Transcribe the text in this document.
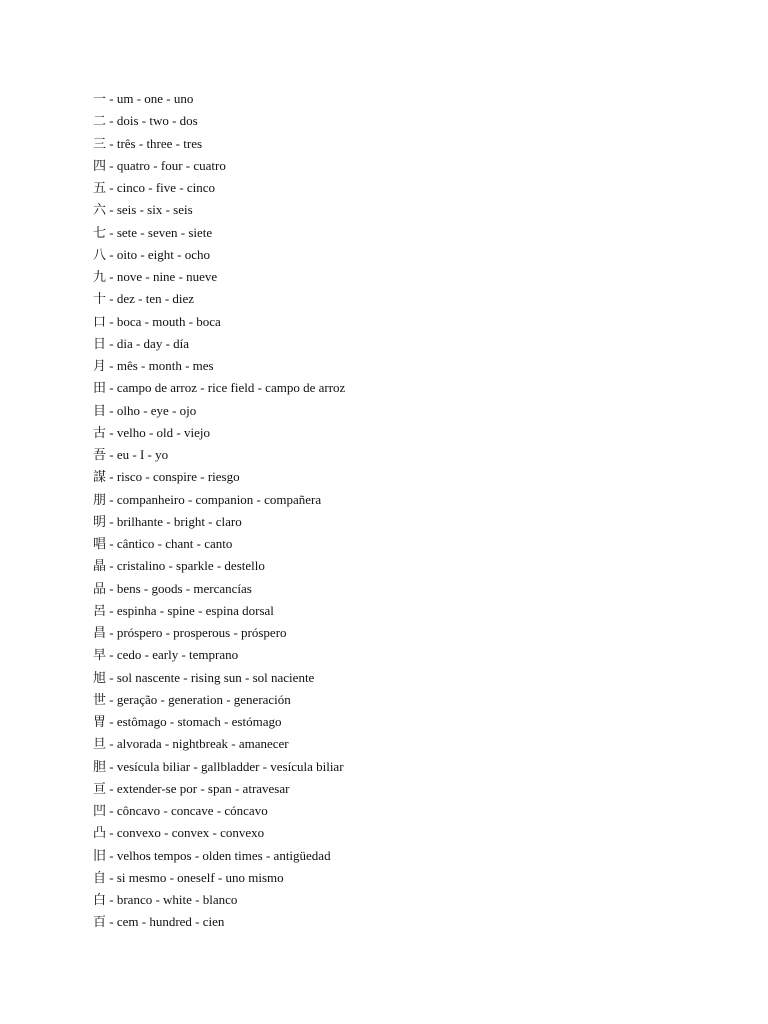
一 - um - one - uno
二 - dois - two - dos
三 - três - three - tres
四 - quatro - four - cuatro
五 - cinco - five - cinco
六 - seis - six - seis
七 - sete - seven - siete
八 - oito - eight - ocho
九 - nove - nine - nueve
十 - dez - ten - diez
口 - boca - mouth - boca
日 - dia - day - día
月 - mês - month - mes
田 - campo de arroz - rice field - campo de arroz
目 - olho - eye - ojo
古 - velho - old - viejo
吾 - eu - I - yo
謀 - risco - conspire - riesgo
朋 - companheiro - companion - compañera
明 - brilhante - bright - claro
唱 - cântico - chant - canto
晶 - cristalino - sparkle - destello
品 - bens - goods - mercancías
呂 - espinha - spine - espina dorsal
昌 - próspero - prosperous - próspero
早 - cedo - early - temprano
旭 - sol nascente - rising sun - sol naciente
世 - geração - generation - generación
胃 - estômago - stomach - estómago
旦 - alvorada - nightbreak - amanecer
胆 - vesícula biliar - gallbladder - vesícula biliar
亘 - extender-se por - span - atravesar
凹 - côncavo - concave - cóncavo
凸 - convexo - convex - convexo
旧 - velhos tempos - olden times - antigüedad
自 - si mesmo - oneself - uno mismo
白 - branco - white - blanco
百 - cem - hundred - cien
